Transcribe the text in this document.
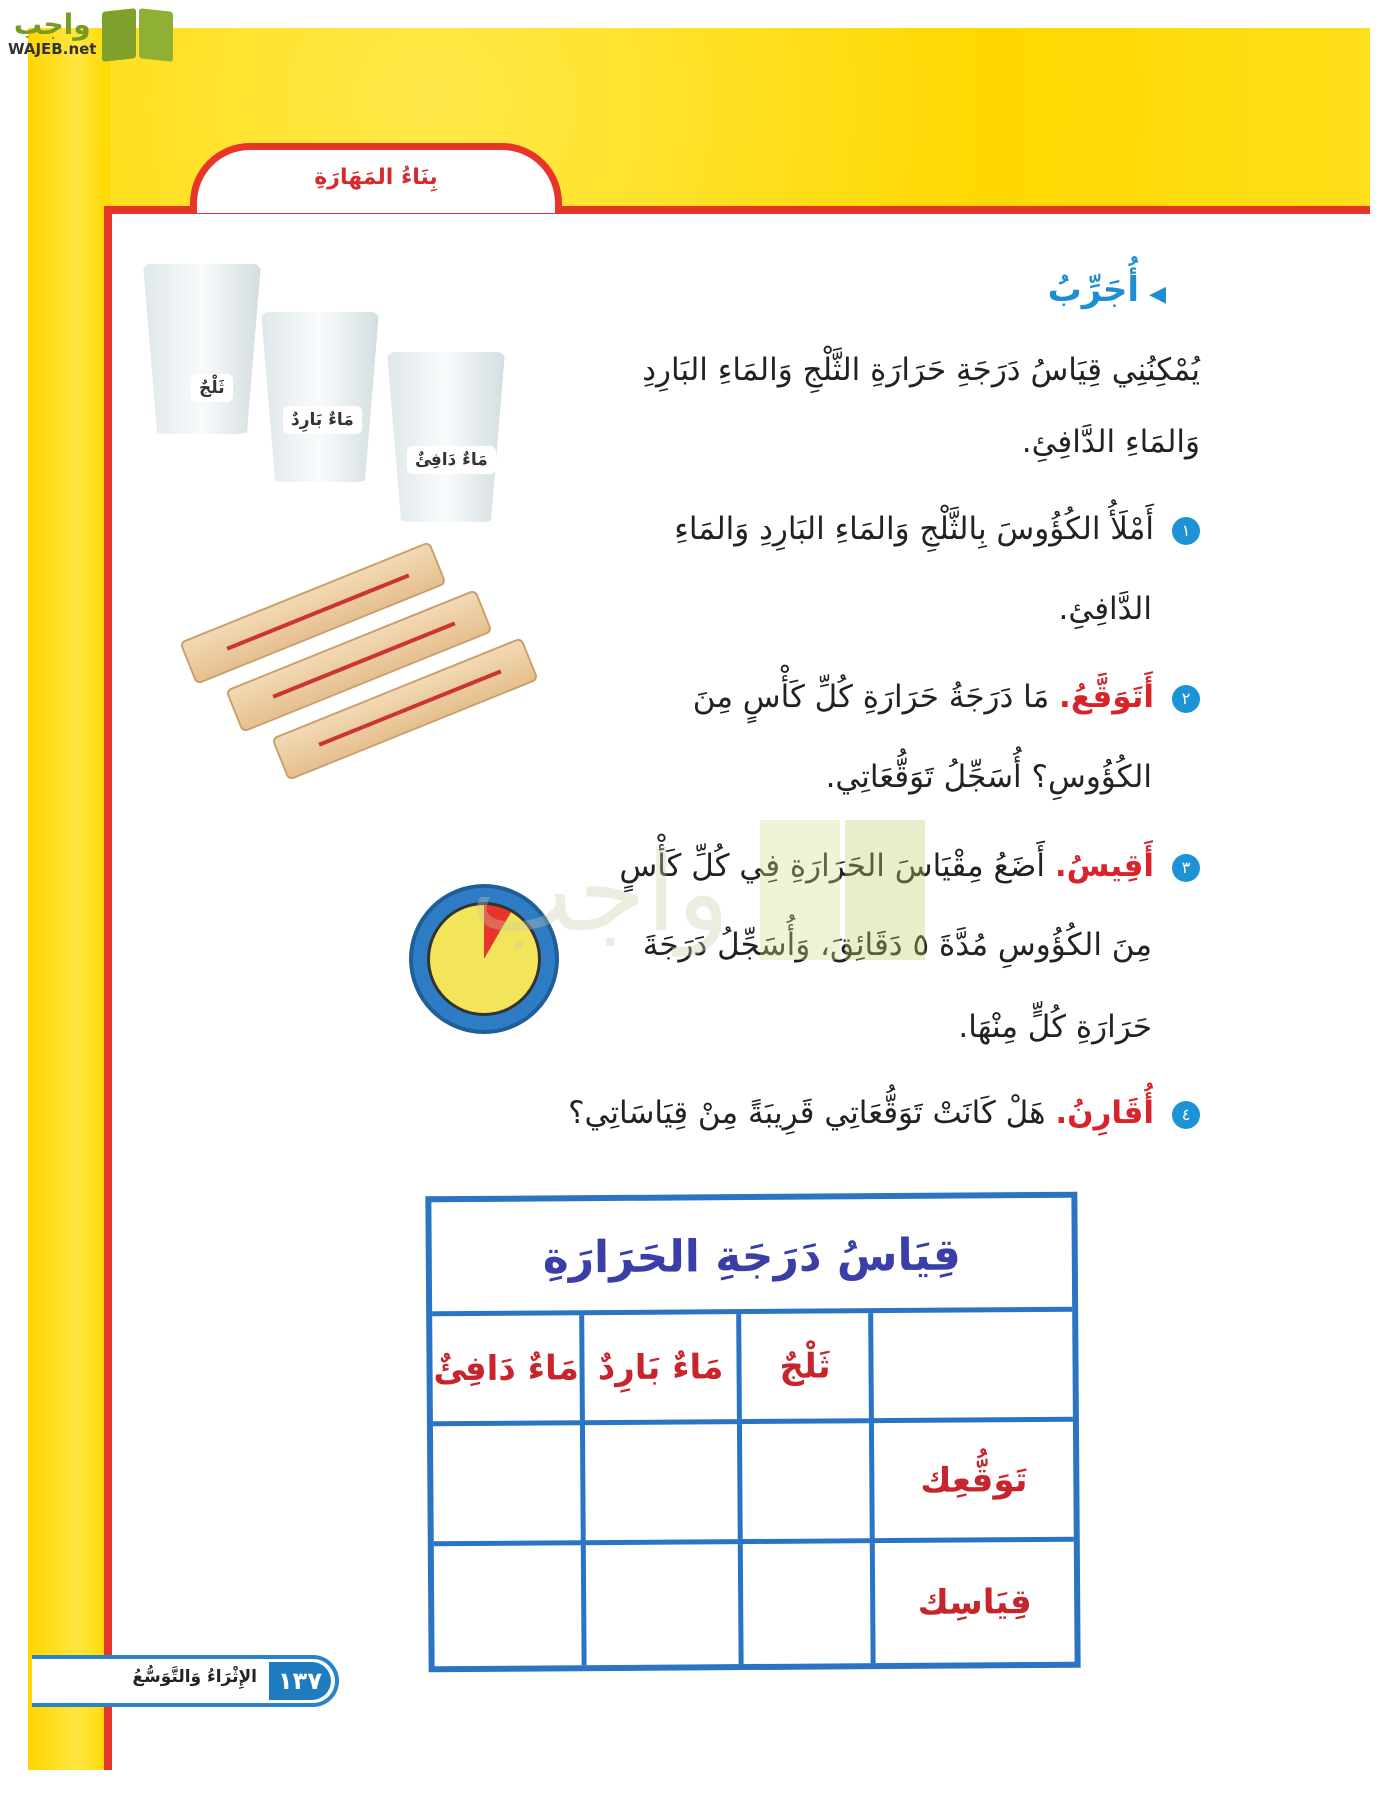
واجب
WAJEB.net
بِنَاءُ المَهَارَةِ
◀أُجَرِّبُ
يُمْكِنُنِي قِيَاسُ دَرَجَةِ حَرَارَةِ الثَّلْجِ وَالمَاءِ البَارِدِ
وَالمَاءِ الدَّافِئِ.
١أَمْلَأُ الكُؤُوسَ بِالثَّلْجِ وَالمَاءِ البَارِدِ وَالمَاءِ
الدَّافِئِ.
٢أَتَوَقَّعُ. مَا دَرَجَةُ حَرَارَةِ كُلِّ كَأْسٍ مِنَ
الكُؤُوسِ؟ أُسَجِّلُ تَوَقُّعَاتِي.
٣أَقِيسُ. أَضَعُ مِقْيَاسَ الحَرَارَةِ فِي كُلِّ كَأْسٍ
مِنَ الكُؤُوسِ مُدَّةَ ٥ دَقَائِقَ، وَأُسَجِّلُ دَرَجَةَ
حَرَارَةِ كُلٍّ مِنْهَا.
٤أُقَارِنُ. هَلْ كَانَتْ تَوَقُّعَاتِي قَرِيبَةً مِنْ قِيَاسَاتِي؟
ثَلْجٌ
مَاءٌ بَارِدٌ
مَاءٌ دَافِئٌ
واجب
قِيَاسُ دَرَجَةِ الحَرَارَةِ
مَاءٌ دَافِئٌ مَاءٌ بَارِدٌ	ثَلْجٌ
تَوَقُّعِك
قِيَاسِك
الإِثْرَاءُ وَالتَّوَسُّعُ ١٣٧
